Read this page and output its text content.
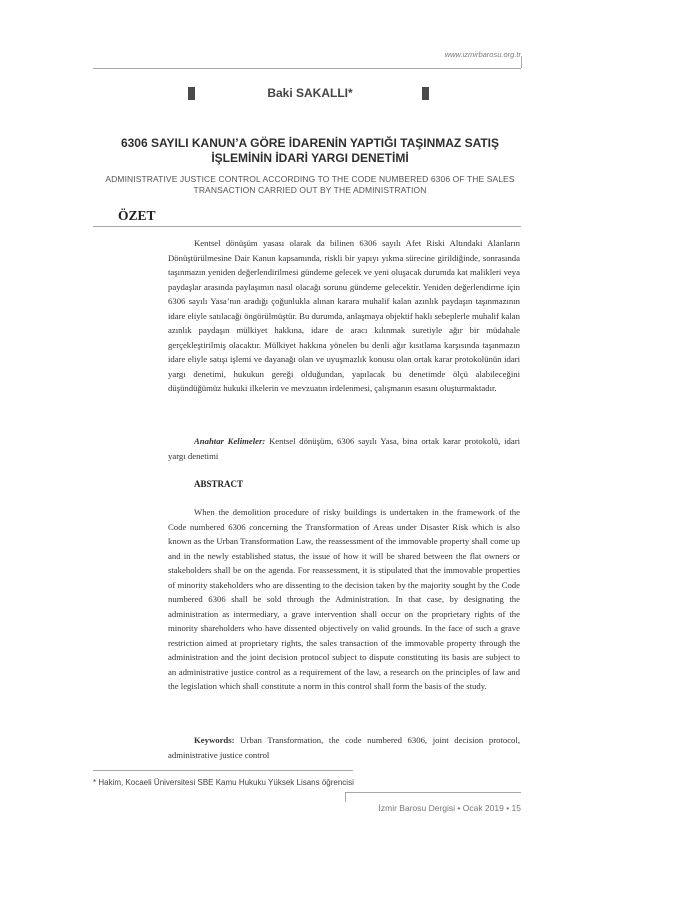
www.izmirbarosu.org.tr
Baki SAKALLI*
6306 SAYILI KANUN’A GÖRE İDARENİN YAPTIĞI TAŞINMAZ SATIŞ
İŞLEMİNİN İDARİ YARGI DENETİMİ
ADMINISTRATIVE JUSTICE CONTROL ACCORDING TO THE CODE NUMBERED 6306 OF THE SALES
TRANSACTION CARRIED OUT BY THE ADMINISTRATION
ÖZET
Kentsel dönüşüm yasası olarak da bilinen 6306 sayılı Afet Riski Altındaki Alanların Dönüştürülmesine Dair Kanun kapsamında, riskli bir yapıyı yıkma sürecine girildiğinde, sonrasında taşınmazın yeniden değerlendirilmesi gündeme gelecek ve yeni oluşacak durumda kat malikleri veya paydaşlar arasında paylaşımın nasıl olacağı sorunu gündeme gelecektir. Yeniden değerlendirme için 6306 sayılı Yasa’nın aradığı çoğunlukla alınan karara muhalif kalan azınlık paydaşın taşınmazının idare eliyle satılacağı öngörülmüştür. Bu durumda, anlaşmaya objektif haklı sebeplerle muhalif kalan azınlık paydaşın mülkiyet hakkına, idare de aracı kılınmak suretiyle ağır bir müdahale gerçekleştirilmiş olacaktır. Mülkiyet hakkına yönelen bu denli ağır kısıtlama karşısında taşınmazın idare eliyle satışı işlemi ve dayanağı olan ve uyuşmazlık konusu olan ortak karar protokolünün idari yargı denetimi, hukukun gereği olduğundan, yapılacak bu denetimde ölçü alabileceğini düşündüğümüz hukuki ilkelerin ve mevzuatın irdelenmesi, çalışmanın esasını oluşturmaktadır.
Anahtar Kelimeler: Kentsel dönüşüm, 6306 sayılı Yasa, bina ortak karar protokolü, idari yargı denetimi
ABSTRACT
When the demolition procedure of risky buildings is undertaken in the framework of the Code numbered 6306 concerning the Transformation of Areas under Disaster Risk which is also known as the Urban Transformation Law, the reassessment of the immovable property shall come up and in the newly established status, the issue of how it will be shared between the flat owners or stakeholders shall be on the agenda. For reassessment, it is stipulated that the immovable properties of minority stakeholders who are dissenting to the decision taken by the majority sought by the Code numbered 6306 shall be sold through the Administration. In that case, by designating the administration as intermediary, a grave intervention shall occur on the proprietary rights of the minority shareholders who have dissented objectively on valid grounds. In the face of such a grave restriction aimed at proprietary rights, the sales transaction of the immovable property through the administration and the joint decision protocol subject to dispute constituting its basis are subject to an administrative justice control as a requirement of the law, a research on the principles of law and the legislation which shall constitute a norm in this control shall form the basis of the study.
Keywords: Urban Transformation, the code numbered 6306, joint decision protocol, administrative justice control
* Hakim, Kocaeli Üniversitesi SBE Kamu Hukuku Yüksek Lisans öğrencisi
İzmir Barosu Dergisi • Ocak 2019 • 15
